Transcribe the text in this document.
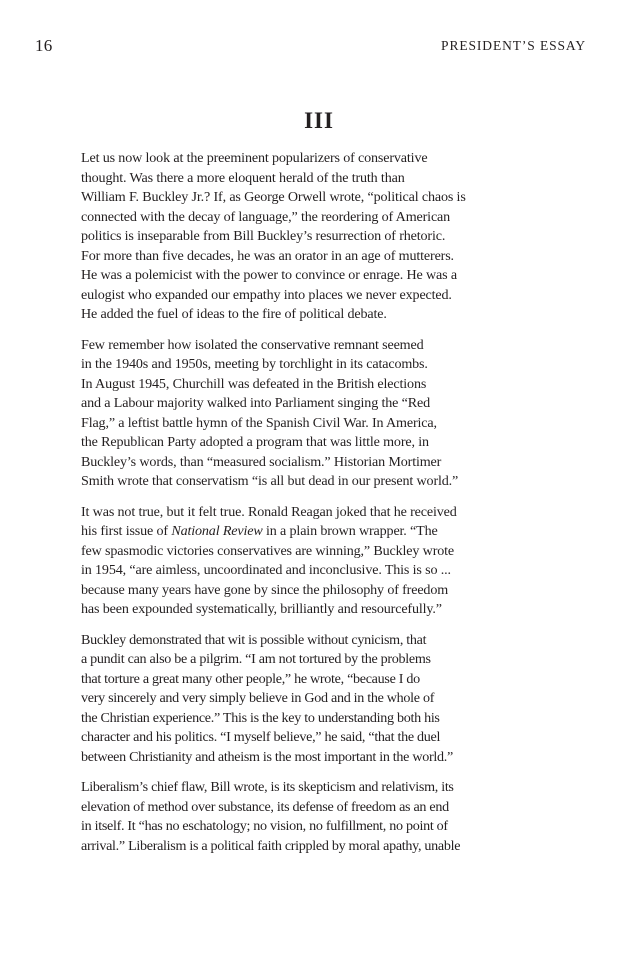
16	PRESIDENT’S ESSAY
III
Let us now look at the preeminent popularizers of conservative
thought. Was there a more eloquent herald of the truth than
William F. Buckley Jr.? If, as George Orwell wrote, “political chaos is
connected with the decay of language,” the reordering of American
politics is inseparable from Bill Buckley’s resurrection of rhetoric.
For more than five decades, he was an orator in an age of mutterers.
He was a polemicist with the power to convince or enrage. He was a
eulogist who expanded our empathy into places we never expected.
He added the fuel of ideas to the fire of political debate.
Few remember how isolated the conservative remnant seemed
in the 1940s and 1950s, meeting by torchlight in its catacombs.
In August 1945, Churchill was defeated in the British elections
and a Labour majority walked into Parliament singing the “Red
Flag,” a leftist battle hymn of the Spanish Civil War. In America,
the Republican Party adopted a program that was little more, in
Buckley’s words, than “measured socialism.” Historian Mortimer
Smith wrote that conservatism “is all but dead in our present world.”
It was not true, but it felt true. Ronald Reagan joked that he received
his first issue of National Review in a plain brown wrapper. “The
few spasmodic victories conservatives are winning,” Buckley wrote
in 1954, “are aimless, uncoordinated and inconclusive. This is so ...
because many years have gone by since the philosophy of freedom
has been expounded systematically, brilliantly and resourcefully.”
Buckley demonstrated that wit is possible without cynicism, that
a pundit can also be a pilgrim. “I am not tortured by the problems
that torture a great many other people,” he wrote, “because I do
very sincerely and very simply believe in God and in the whole of
the Christian experience.” This is the key to understanding both his
character and his politics. “I myself believe,” he said, “that the duel
between Christianity and atheism is the most important in the world.”
Liberalism’s chief flaw, Bill wrote, is its skepticism and relativism, its
elevation of method over substance, its defense of freedom as an end
in itself. It “has no eschatology; no vision, no fulfillment, no point of
arrival.” Liberalism is a political faith crippled by moral apathy, unable
